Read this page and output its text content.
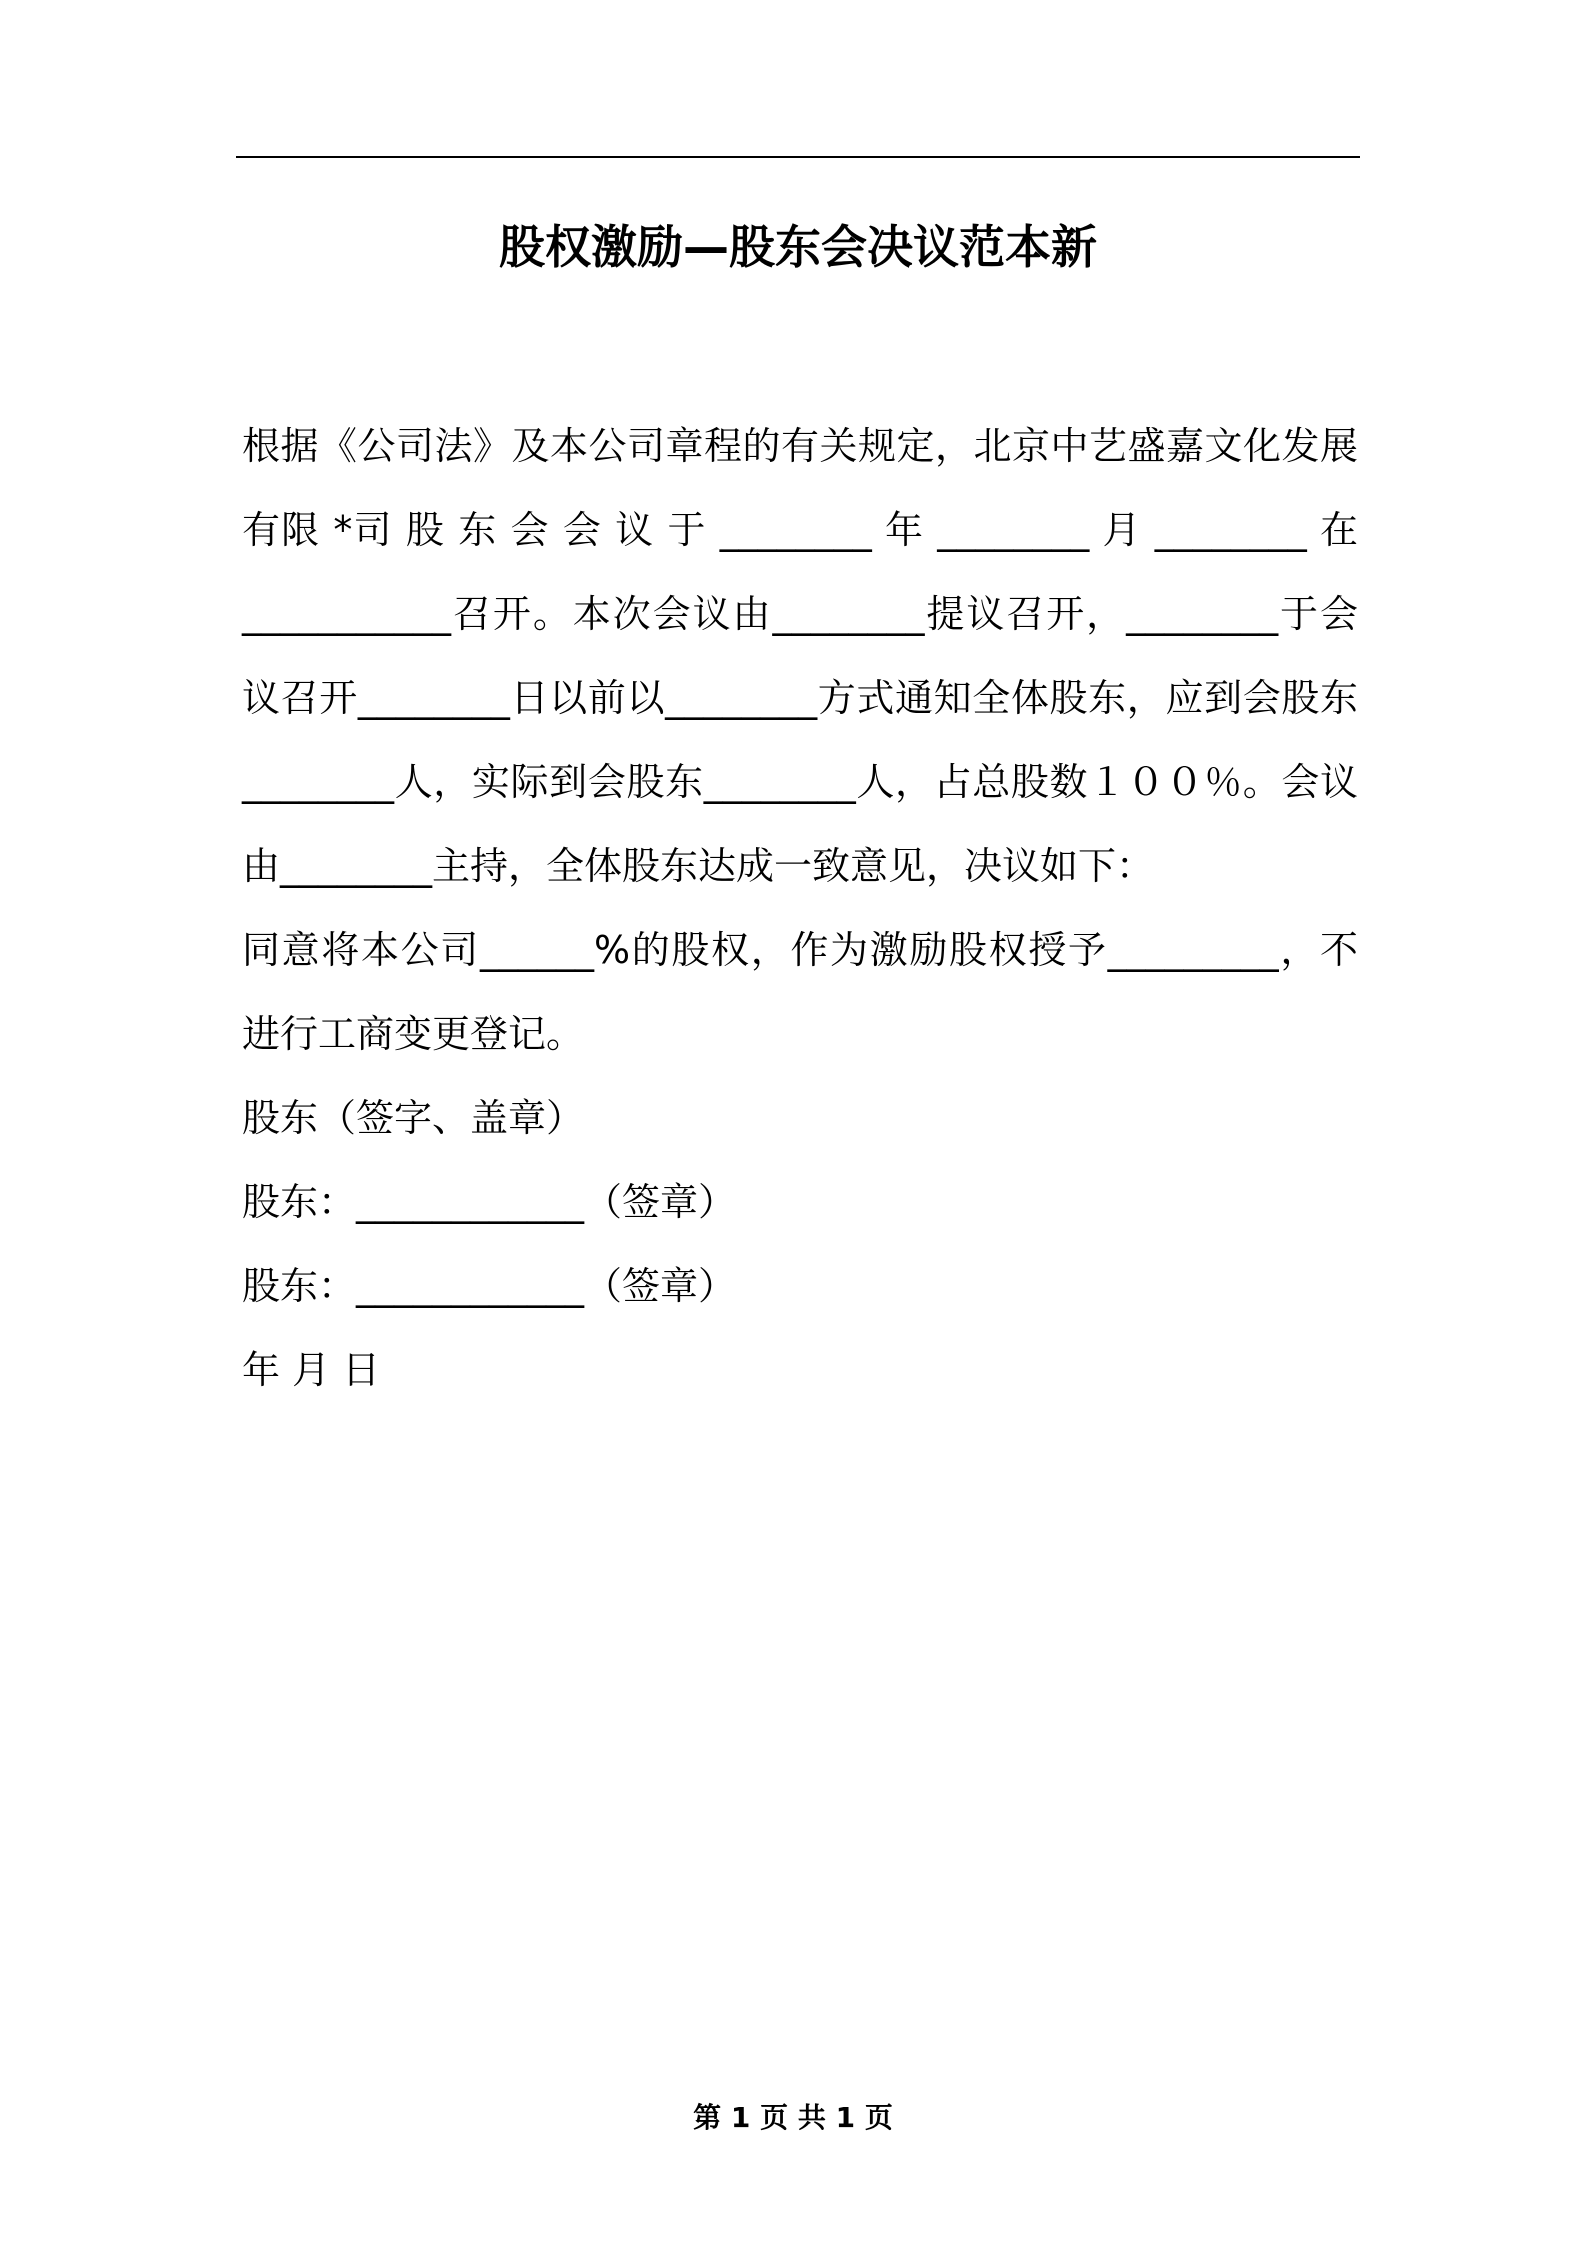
股权激励—股东会决议范本新

根据《公司法》及本公司章程的有关规定，北京中艺盛嘉文化发展有限 *司 股 东 会 会 议 于 ________ 年 ________ 月 ________ 在___________召开。本次会议由________提议召开，________于会议召开________日以前以________方式通知全体股东，应到会股东________人，实际到会股东________人，占总股数１００％。会议由________主持，全体股东达成一致意见，决议如下：

同意将本公司______%的股权，作为激励股权授予_________，不进行工商变更登记。

股东（签字、盖章）

股东：____________（签章）

股东：____________（签章）

年 月 日

第 1 页 共 1 页
